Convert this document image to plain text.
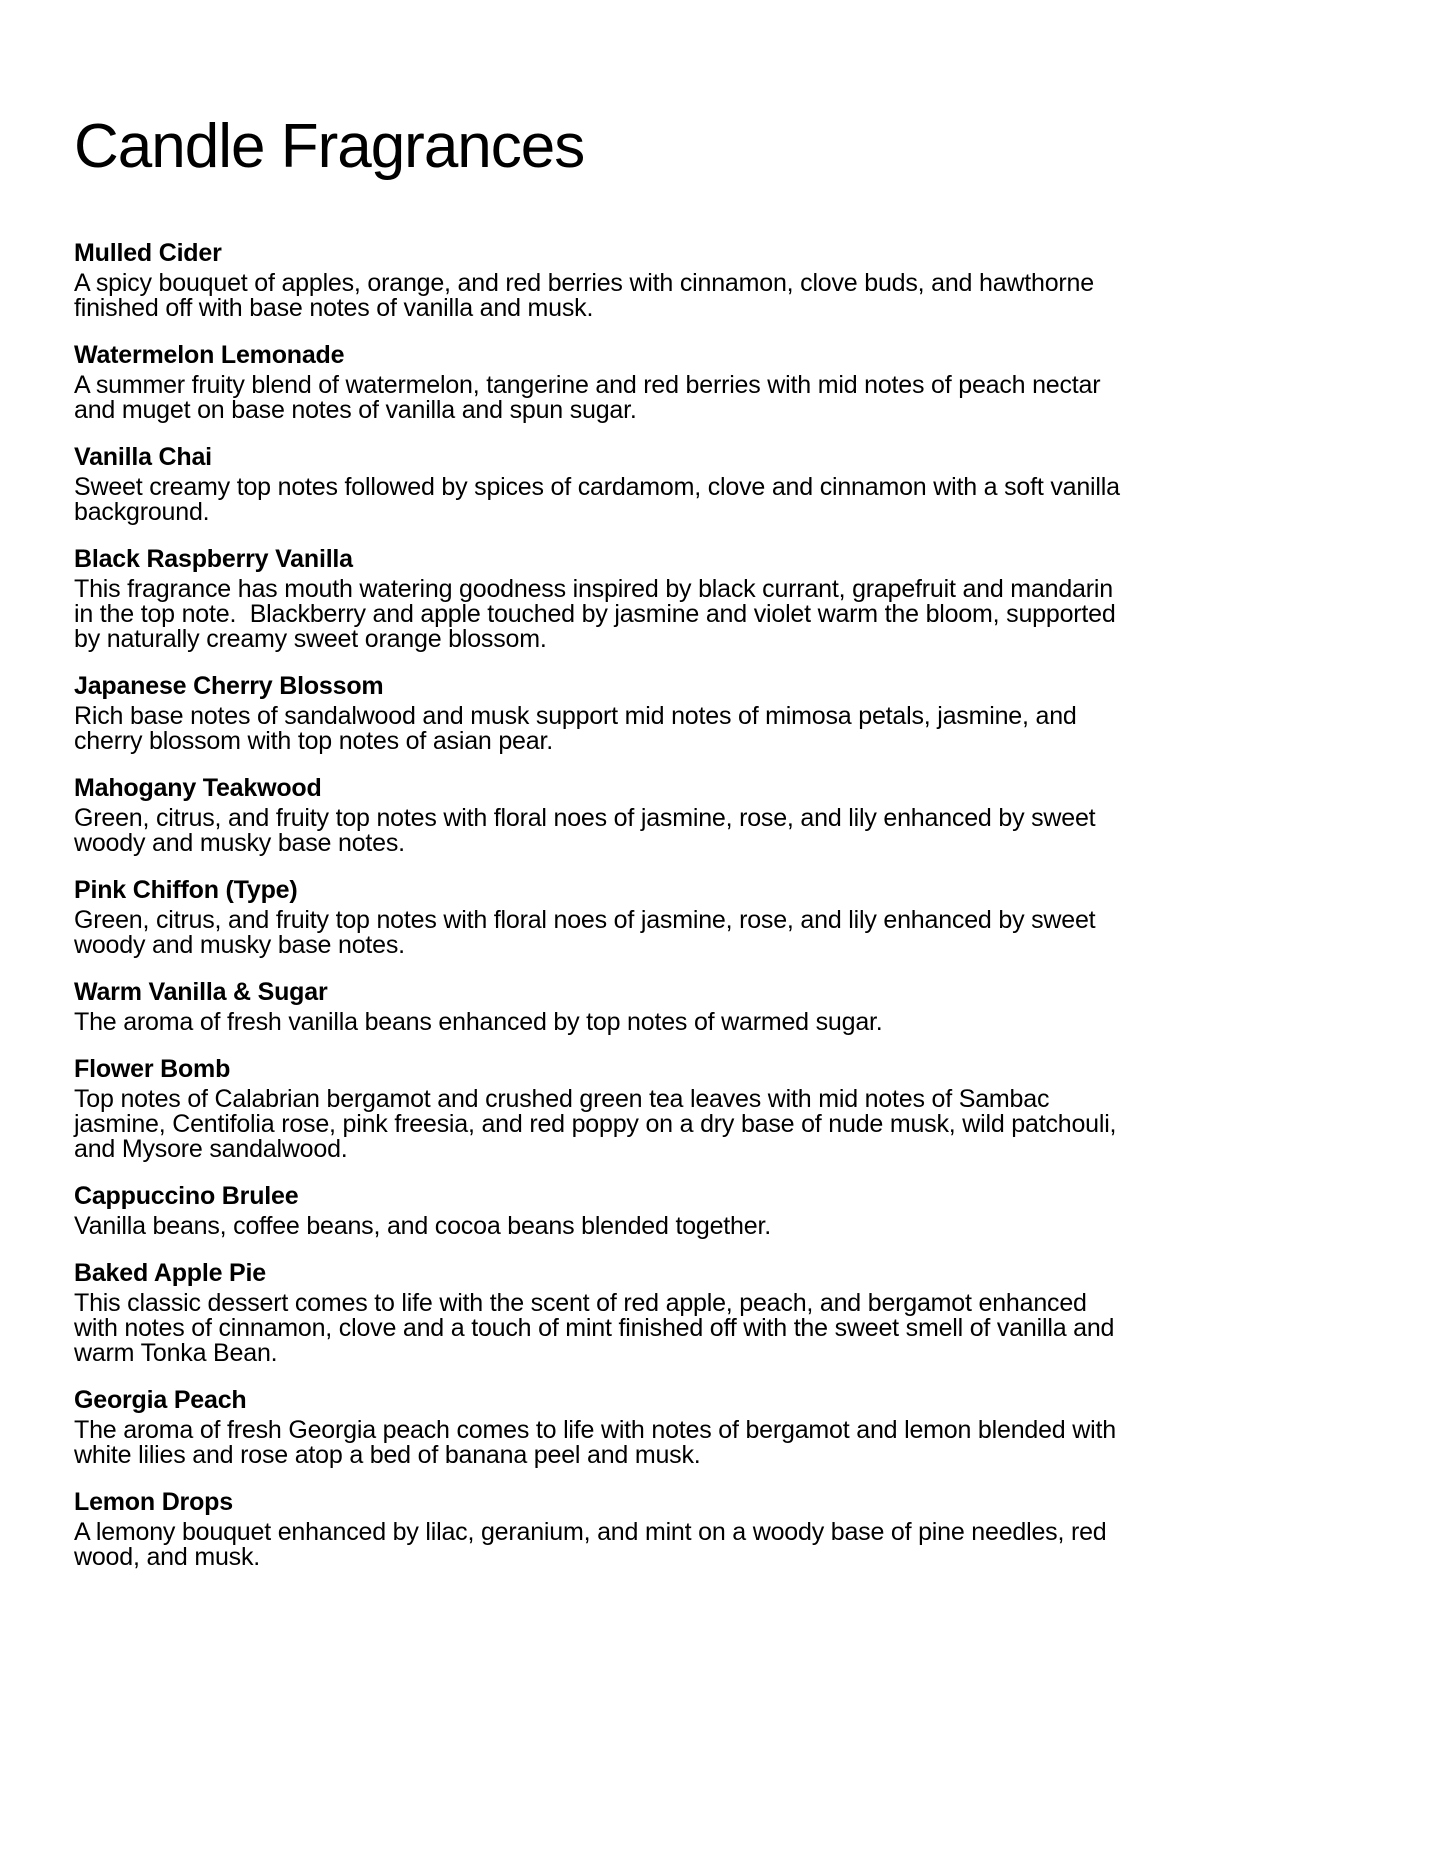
Candle Fragrances
Mulled Cider
A spicy bouquet of apples, orange, and red berries with cinnamon, clove buds, and hawthorne
finished off with base notes of vanilla and musk.
Watermelon Lemonade
A summer fruity blend of watermelon, tangerine and red berries with mid notes of peach nectar
and muget on base notes of vanilla and spun sugar.
Vanilla Chai
Sweet creamy top notes followed by spices of cardamom, clove and cinnamon with a soft vanilla
background.
Black Raspberry Vanilla
This fragrance has mouth watering goodness inspired by black currant, grapefruit and mandarin
in the top note.  Blackberry and apple touched by jasmine and violet warm the bloom, supported
by naturally creamy sweet orange blossom.
Japanese Cherry Blossom
Rich base notes of sandalwood and musk support mid notes of mimosa petals, jasmine, and
cherry blossom with top notes of asian pear.
Mahogany Teakwood
Green, citrus, and fruity top notes with floral noes of jasmine, rose, and lily enhanced by sweet
woody and musky base notes.
Pink Chiffon (Type)
Green, citrus, and fruity top notes with floral noes of jasmine, rose, and lily enhanced by sweet
woody and musky base notes.
Warm Vanilla & Sugar
The aroma of fresh vanilla beans enhanced by top notes of warmed sugar.
Flower Bomb
Top notes of Calabrian bergamot and crushed green tea leaves with mid notes of Sambac
jasmine, Centifolia rose, pink freesia, and red poppy on a dry base of nude musk, wild patchouli,
and Mysore sandalwood.
Cappuccino Brulee
Vanilla beans, coffee beans, and cocoa beans blended together.
Baked Apple Pie
This classic dessert comes to life with the scent of red apple, peach, and bergamot enhanced
with notes of cinnamon, clove and a touch of mint finished off with the sweet smell of vanilla and
warm Tonka Bean.
Georgia Peach
The aroma of fresh Georgia peach comes to life with notes of bergamot and lemon blended with
white lilies and rose atop a bed of banana peel and musk.
Lemon Drops
A lemony bouquet enhanced by lilac, geranium, and mint on a woody base of pine needles, red
wood, and musk.
